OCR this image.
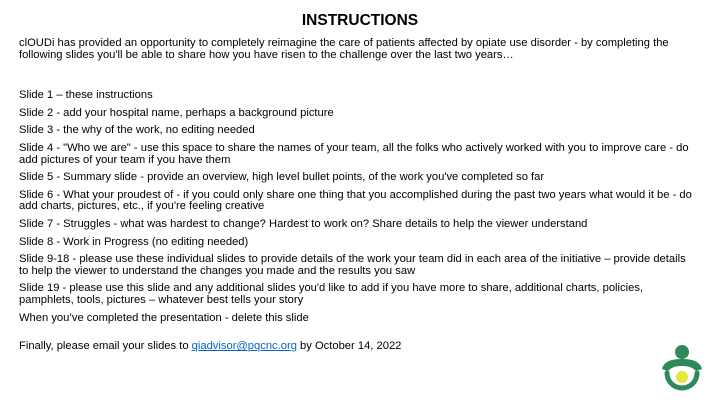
INSTRUCTIONS

clOUDi has provided an opportunity to completely reimagine the care of patients affected by opiate use disorder - by completing the following slides you'll be able to share how you have risen to the challenge over the last two years…

Slide 1 – these instructions

Slide 2 - add your hospital name, perhaps a background picture

Slide 3 - the why of the work, no editing needed

Slide 4 - "Who we are" - use this space to share the names of your team, all the folks who actively worked with you to improve care - do add pictures of your team if you have them

Slide 5 - Summary slide - provide an overview, high level bullet points, of the work you've completed so far

Slide 6 - What your proudest of - if you could only share one thing that you accomplished during the past two years what would it be - do add charts, pictures, etc., if you're feeling creative

Slide 7 - Struggles - what was hardest to change? Hardest to work on? Share details to help the viewer understand

Slide 8 - Work in Progress (no editing needed)

Slide 9-18 - please use these individual slides to provide details of the work your team did in each area of the initiative – provide details to help the viewer to understand the changes you made and the results you saw

Slide 19 - please use this slide and any additional slides you'd like to add if you have more to share, additional charts, policies, pamphlets, tools, pictures – whatever best tells your story

When you’ve completed the presentation - delete this slide

Finally, please email your slides to qiadvisor@pqcnc.org by October 14, 2022
